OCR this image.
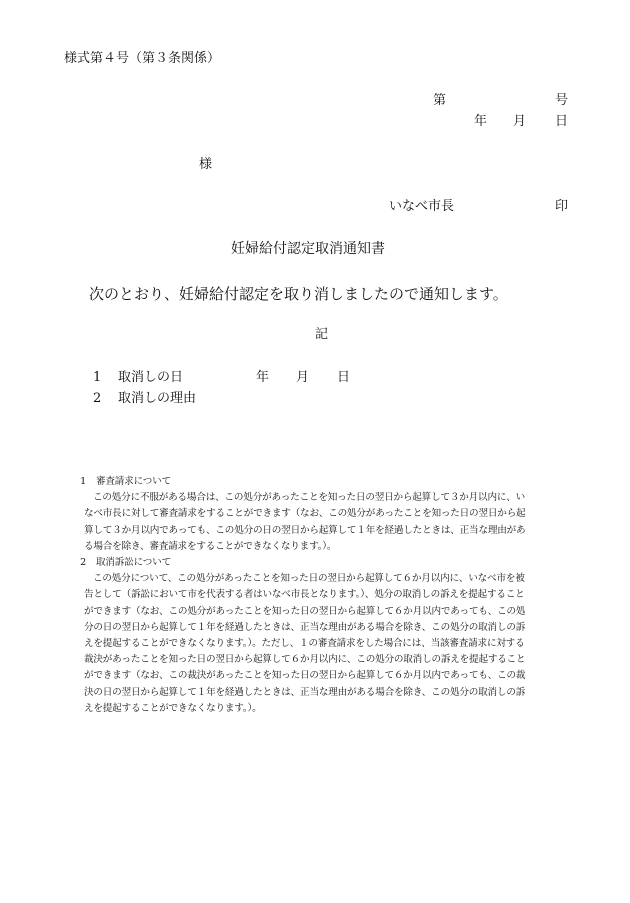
様式第４号（第３条関係）
第	号
年 月 日
様
いなべ市長	印
妊婦給付認定取消通知書
次のとおり、妊婦給付認定を取り消しましたので通知します。
記
1 取消しの日	年 月 日
2 取消しの理由
1 審査請求について
この処分に不服がある場合は、この処分があったことを知った日の翌日から起算して３か月以内に、い
なべ市長に対して審査請求をすることができます（なお、この処分があったことを知った日の翌日から起
算して３か月以内であっても、この処分の日の翌日から起算して１年を経過したときは、正当な理由があ
る場合を除き、審査請求をすることができなくなります。）。
2 取消訴訟について
この処分について、この処分があったことを知った日の翌日から起算して６か月以内に、いなべ市を被
告として（訴訟において市を代表する者はいなべ市長となります。）、処分の取消しの訴えを提起すること
ができます（なお、この処分があったことを知った日の翌日から起算して６か月以内であっても、この処
分の日の翌日から起算して１年を経過したときは、正当な理由がある場合を除き、この処分の取消しの訴
えを提起することができなくなります。）。ただし、１の審査請求をした場合には、当該審査請求に対する
裁決があったことを知った日の翌日から起算して６か月以内に、この処分の取消しの訴えを提起すること
ができます（なお、この裁決があったことを知った日の翌日から起算して６か月以内であっても、この裁
決の日の翌日から起算して１年を経過したときは、正当な理由がある場合を除き、この処分の取消しの訴
えを提起することができなくなります。）。
